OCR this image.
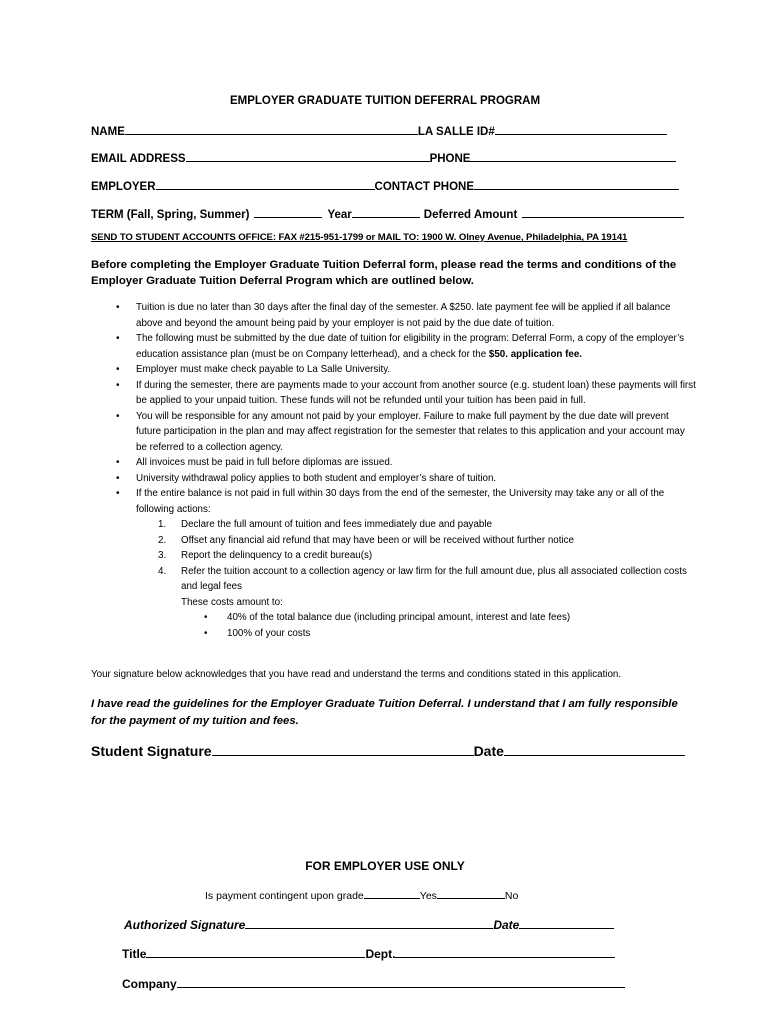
EMPLOYER GRADUATE TUITION DEFERRAL PROGRAM
NAME	LA SALLE ID#
EMAIL ADDRESS	PHONE
EMPLOYER	CONTACT PHONE
TERM (Fall, Spring, Summer)	Year	Deferred Amount
SEND TO STUDENT ACCOUNTS OFFICE: FAX #215-951-1799 or MAIL TO: 1900 W. Olney Avenue, Philadelphia, PA 19141
Before completing the Employer Graduate Tuition Deferral form, please read the terms and conditions of the Employer Graduate Tuition Deferral Program which are outlined below.
• Tuition is due no later than 30 days after the final day of the semester. A $250. late payment fee will be applied if all balance above and beyond the amount being paid by your employer is not paid by the due date of tuition.
• The following must be submitted by the due date of tuition for eligibility in the program: Deferral Form, a copy of the employer’s education assistance plan (must be on Company letterhead), and a check for the $50. application fee.
• Employer must make check payable to La Salle University.
• If during the semester, there are payments made to your account from another source (e.g. student loan) these payments will first be applied to your unpaid tuition. These funds will not be refunded until your tuition has been paid in full.
• You will be responsible for any amount not paid by your employer. Failure to make full payment by the due date will prevent future participation in the plan and may affect registration for the semester that relates to this application and your account may be referred to a collection agency.
• All invoices must be paid in full before diplomas are issued.
• University withdrawal policy applies to both student and employer’s share of tuition.
• If the entire balance is not paid in full within 30 days from the end of the semester, the University may take any or all of the following actions:
1. Declare the full amount of tuition and fees immediately due and payable
2. Offset any financial aid refund that may have been or will be received without further notice
3. Report the delinquency to a credit bureau(s)
4. Refer the tuition account to a collection agency or law firm for the full amount due, plus all associated collection costs and legal fees
These costs amount to:
• 40% of the total balance due (including principal amount, interest and late fees)
• 100% of your costs
Your signature below acknowledges that you have read and understand the terms and conditions stated in this application.
I have read the guidelines for the Employer Graduate Tuition Deferral. I understand that I am fully responsible for the payment of my tuition and fees.
Student Signature	Date
FOR EMPLOYER USE ONLY
Is payment contingent upon grade	Yes	No
Authorized Signature	Date
Title	Dept.
Company
